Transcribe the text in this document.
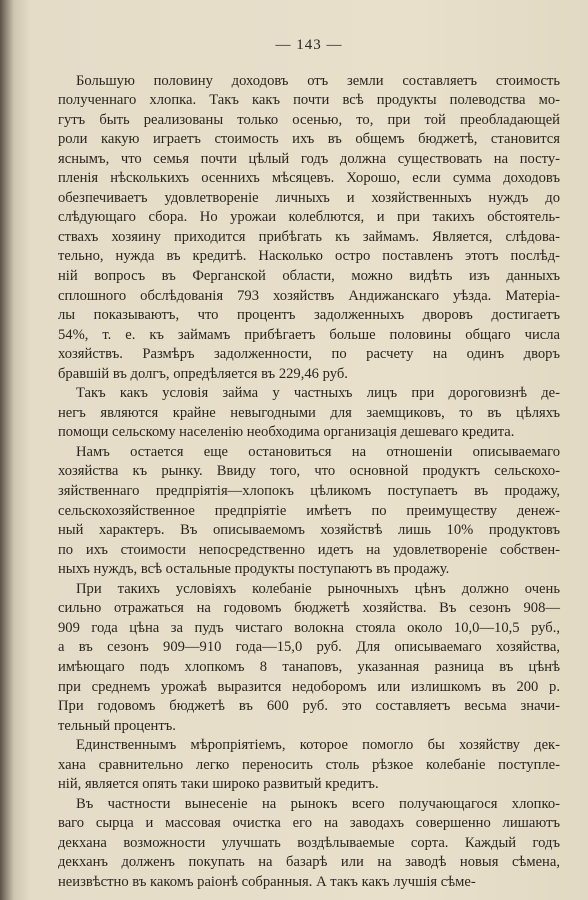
— 143 —
Большую половину доходовъ отъ земли составляетъ стоимость
полученнаго хлопка. Такъ какъ почти всѣ продукты полеводства мо-
гутъ быть реализованы только осенью, то, при той преобладающей
роли какую играетъ стоимость ихъ въ общемъ бюджетѣ, становится
яснымъ, что семья почти цѣлый годъ должна существовать на посту-
пленія нѣсколькихъ осеннихъ мѣсяцевъ. Хорошо, если сумма доходовъ
обезпечиваетъ удовлетвореніе личныхъ и хозяйственныхъ нуждъ до
слѣдующаго сбора. Но урожаи колеблются, и при такихъ обстоятель-
ствахъ хозяину приходится прибѣгать къ займамъ. Является, слѣдова-
тельно, нужда въ кредитѣ. Насколько остро поставленъ этотъ послѣд-
ній вопросъ въ Ферганской области, можно видѣть изъ данныхъ
сплошного обслѣдованія 793 хозяйствъ Андижанскаго уѣзда. Матеріа-
лы показываютъ, что процентъ задолженныхъ дворовъ достигаетъ
54%, т. е. къ займамъ прибѣгаетъ больше половины общаго числа
хозяйствъ. Размѣръ задолженности, по расчету на одинъ дворъ
бравшій въ долгъ, опредѣляется въ 229,46 руб.
Такъ какъ условія займа у частныхъ лицъ при дороговизнѣ де-
негъ являются крайне невыгодными для заемщиковъ, то въ цѣляхъ
помощи сельскому населенію необходима организація дешеваго кредита.
Намъ остается еще остановиться на отношеніи описываемаго
хозяйства къ рынку. Ввиду того, что основной продуктъ сельскохо-
зяйственнаго предпріятія—хлопокъ цѣликомъ поступаетъ въ продажу,
сельскохозяйственное предпріятіе имѣетъ по преимуществу денеж-
ный характеръ. Въ описываемомъ хозяйствѣ лишь 10% продуктовъ
по ихъ стоимости непосредственно идетъ на удовлетвореніе собствен-
ныхъ нуждъ, всѣ остальные продукты поступаютъ въ продажу.
При такихъ условіяхъ колебаніе рыночныхъ цѣнъ должно очень
сильно отражаться на годовомъ бюджетѣ хозяйства. Въ сезонъ 908—
909 года цѣна за пудъ чистаго волокна стояла около 10,0—10,5 руб.,
а въ сезонъ 909—910 года—15,0 руб. Для описываемаго хозяйства,
имѣющаго подъ хлопкомъ 8 танаповъ, указанная разница въ цѣнѣ
при среднемъ урожаѣ выразится недоборомъ или излишкомъ въ 200 р.
При годовомъ бюджетѣ въ 600 руб. это составляетъ весьма значи-
тельный процентъ.
Единственнымъ мѣропріятіемъ, которое помогло бы хозяйству дек-
хана сравнительно легко переносить столь рѣзкое колебаніе поступле-
ній, является опять таки широко развитый кредитъ.
Въ частности вынесеніе на рынокъ всего получающагося хлопко-
ваго сырца и массовая очистка его на заводахъ совершенно лишаютъ
декхана возможности улучшать воздѣлываемые сорта. Каждый годъ
декханъ долженъ покупать на базарѣ или на заводѣ новыя сѣмена,
неизвѣстно въ какомъ раіонѣ собранныя. А такъ какъ лучшія сѣме-
